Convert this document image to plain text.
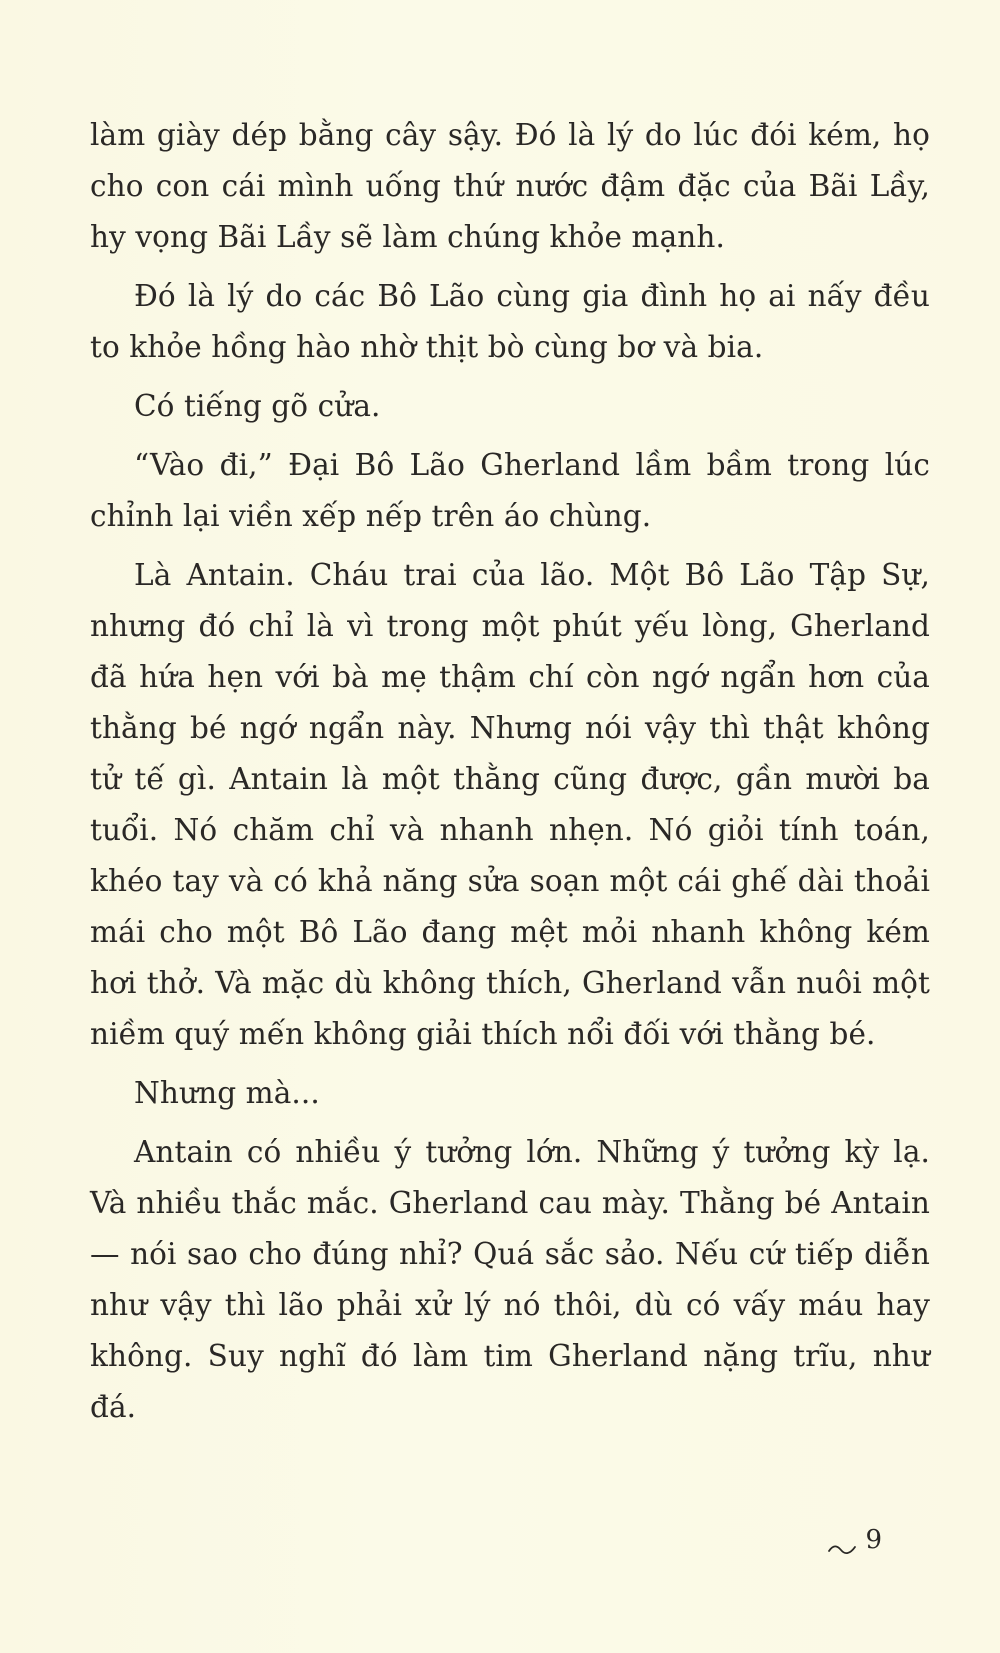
làm giày dép bằng cây sậy. Đó là lý do lúc đói kém, họ cho con cái mình uống thứ nước đậm đặc của Bãi Lầy, hy vọng Bãi Lầy sẽ làm chúng khỏe mạnh.

Đó là lý do các Bô Lão cùng gia đình họ ai nấy đều to khỏe hồng hào nhờ thịt bò cùng bơ và bia.

Có tiếng gõ cửa.

“Vào đi,” Đại Bô Lão Gherland lầm bầm trong lúc chỉnh lại viền xếp nếp trên áo chùng.

Là Antain. Cháu trai của lão. Một Bô Lão Tập Sự, nhưng đó chỉ là vì trong một phút yếu lòng, Gherland đã hứa hẹn với bà mẹ thậm chí còn ngớ ngẩn hơn của thằng bé ngớ ngẩn này. Nhưng nói vậy thì thật không tử tế gì. Antain là một thằng cũng được, gần mười ba tuổi. Nó chăm chỉ và nhanh nhẹn. Nó giỏi tính toán, khéo tay và có khả năng sửa soạn một cái ghế dài thoải mái cho một Bô Lão đang mệt mỏi nhanh không kém hơi thở. Và mặc dù không thích, Gherland vẫn nuôi một niềm quý mến không giải thích nổi đối với thằng bé.

Nhưng mà...

Antain có nhiều ý tưởng lớn. Những ý tưởng kỳ lạ. Và nhiều thắc mắc. Gherland cau mày. Thằng bé Antain — nói sao cho đúng nhỉ? Quá sắc sảo. Nếu cứ tiếp diễn như vậy thì lão phải xử lý nó thôi, dù có vấy máu hay không. Suy nghĩ đó làm tim Gherland nặng trĩu, như đá.

9
